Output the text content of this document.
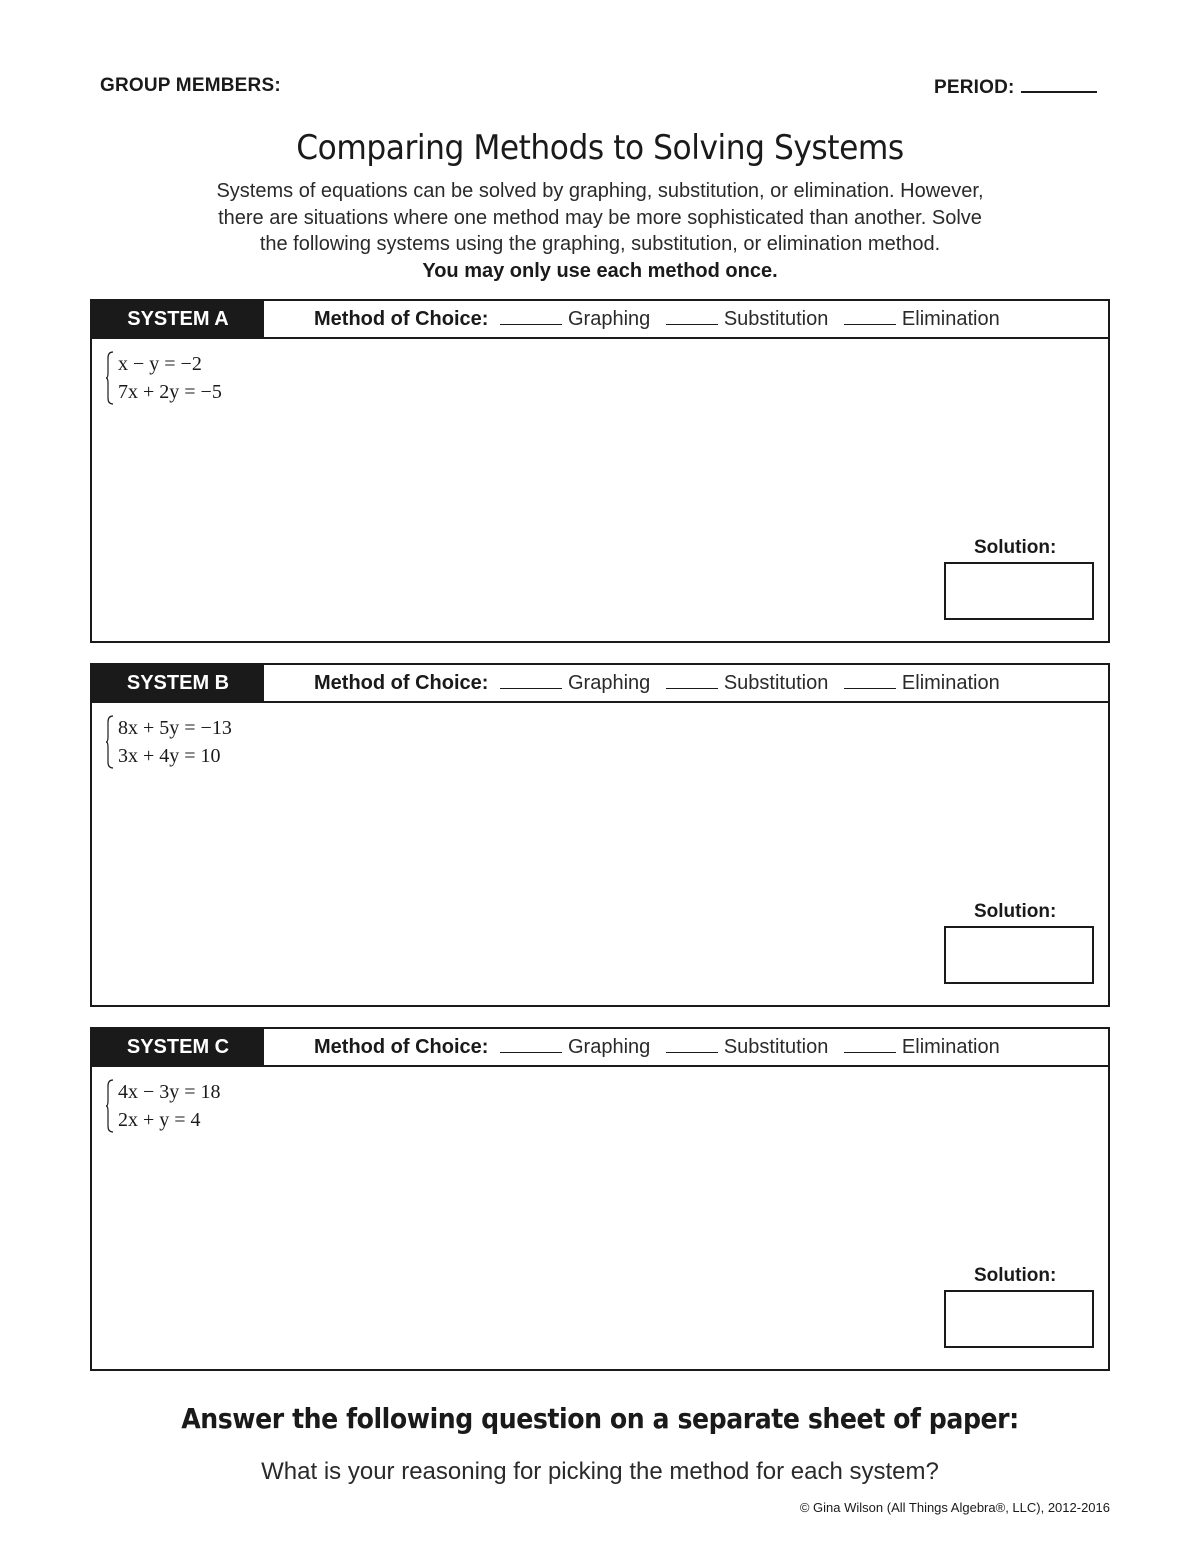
GROUP MEMBERS:	PERIOD:
Comparing Methods to Solving Systems
Systems of equations can be solved by graphing, substitution, or elimination. However,
there are situations where one method may be more sophisticated than another. Solve
the following systems using the graphing, substitution, or elimination method.
You may only use each method once.
SYSTEM A	Method of Choice:	Graphing	Substitution	Elimination
x − y = −2
7x + 2y = −5
Solution:
SYSTEM B	Method of Choice:	Graphing	Substitution	Elimination
8x + 5y = −13
3x + 4y = 10
Solution:
SYSTEM C	Method of Choice:	Graphing	Substitution	Elimination
4x − 3y = 18
2x + y = 4
Solution:
Answer the following question on a separate sheet of paper:
What is your reasoning for picking the method for each system?
© Gina Wilson (All Things Algebra®, LLC), 2012-2016
